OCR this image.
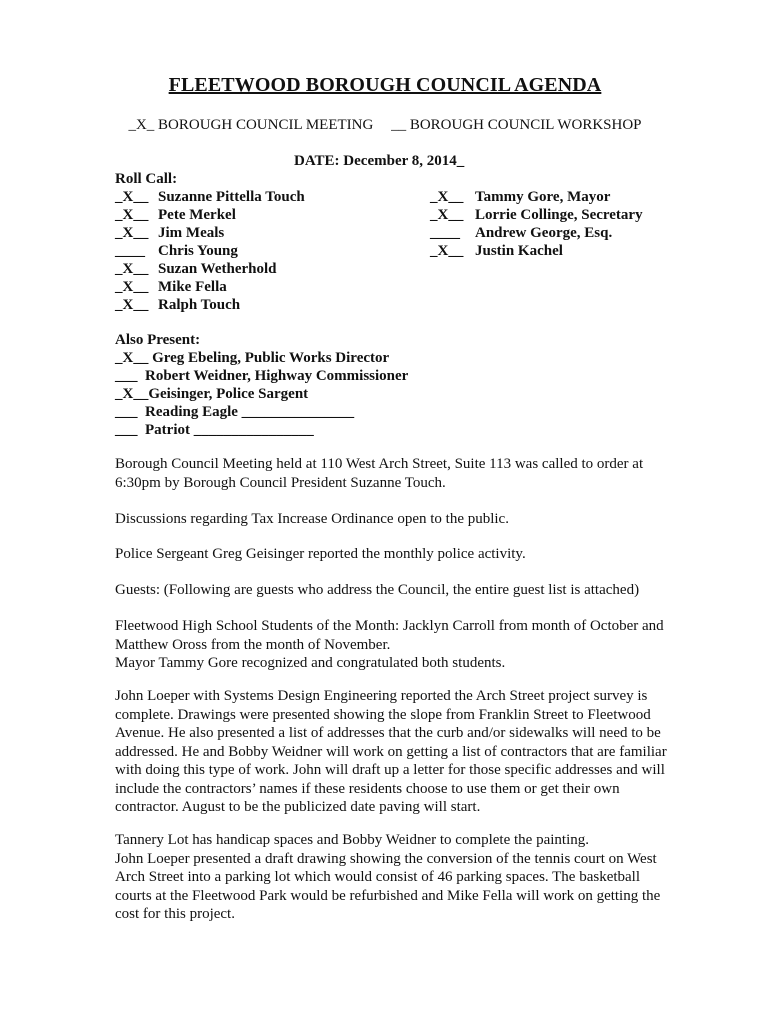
FLEETWOOD BOROUGH COUNCIL AGENDA
_X_ BOROUGH COUNCIL MEETING __ BOROUGH COUNCIL WORKSHOP
DATE: December 8, 2014_
Roll Call:
_X__ Suzanne Pittella Touch
_X__ Pete Merkel
_X__ Jim Meals
____ Chris Young
_X__ Suzan Wetherhold
_X__ Mike Fella
_X__ Ralph Touch
_X__ Tammy Gore, Mayor
_X__ Lorrie Collinge, Secretary
____ Andrew George, Esq.
_X__ Justin Kachel
Also Present:
_X__ Greg Ebeling, Public Works Director
___  Robert Weidner, Highway Commissioner
_X__Geisinger, Police Sargent
___  Reading Eagle _______________
___  Patriot ________________

Borough Council Meeting held at 110 West Arch Street, Suite 113 was called to order at 6:30pm by Borough Council President Suzanne Touch.

Discussions regarding Tax Increase Ordinance open to the public.

Police Sergeant Greg Geisinger reported the monthly police activity.

Guests: (Following are guests who address the Council, the entire guest list is attached)

Fleetwood High School Students of the Month: Jacklyn Carroll from month of October and Matthew Oross from the month of November.

Mayor Tammy Gore recognized and congratulated both students.

John Loeper with Systems Design Engineering reported the Arch Street project survey is complete. Drawings were presented showing the slope from Franklin Street to Fleetwood Avenue. He also presented a list of addresses that the curb and/or sidewalks will need to be addressed. He and Bobby Weidner will work on getting a list of contractors that are familiar with doing this type of work. John will draft up a letter for those specific addresses and will include the contractors’ names if these residents choose to use them or get their own contractor. August to be the publicized date paving will start.

Tannery Lot has handicap spaces and Bobby Weidner to complete the painting.

John Loeper presented a draft drawing showing the conversion of the tennis court on West Arch Street into a parking lot which would consist of 46 parking spaces. The basketball courts at the Fleetwood Park would be refurbished and Mike Fella will work on getting the cost for this project.
